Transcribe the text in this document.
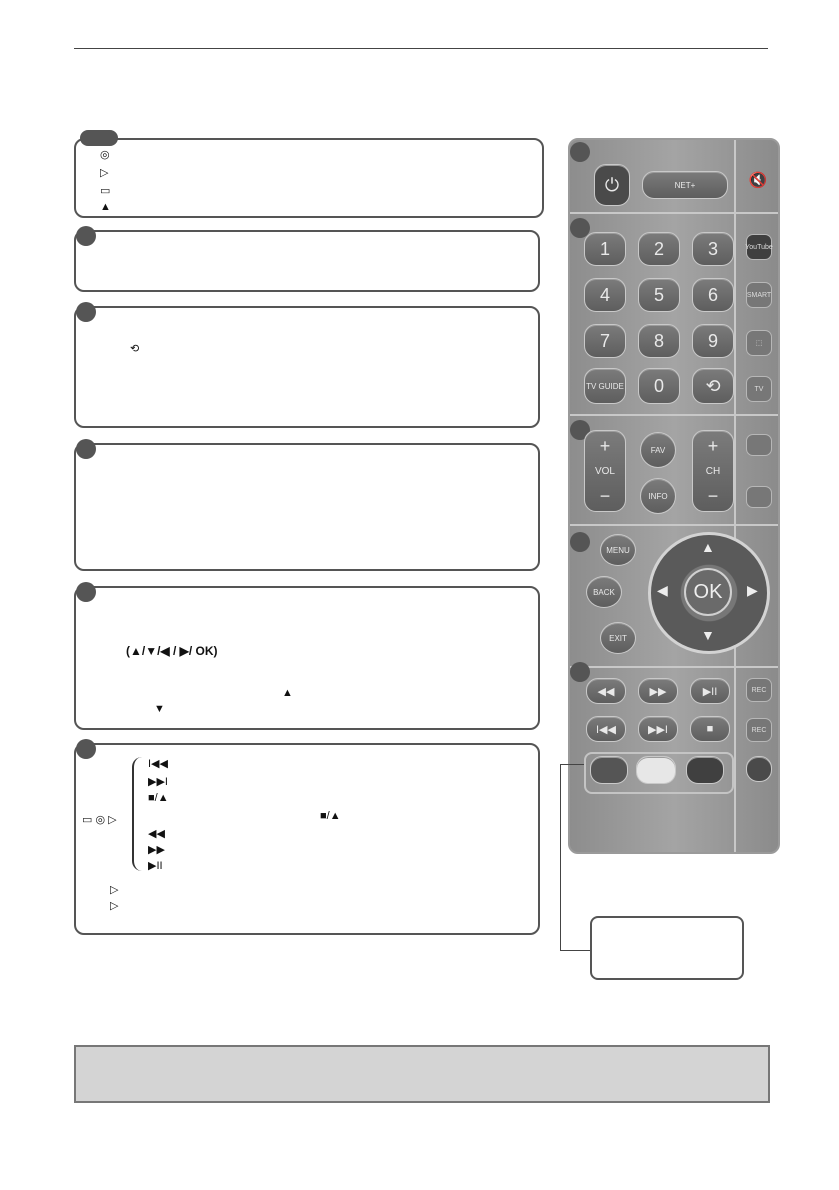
◎
▷
▭
▲
⟲
(▲/▼/◀ / ▶/ OK)
▲
▼
I◀◀
▶▶I
■/▲
■/▲
◀◀
▶▶
▶II
▭ ◎ ▷
▷
▷
⏻	NET+	🔇
1 2 3
4 5 6
7 8 9
TV GUIDE 0 ⟲
YouTube
SMART
⬚
TV
+
VOL
−
FAV
INFO
+
CH
−
MENU
BACK
EXIT
▲
▼
◀	▶
OK
◀◀	▶▶	▶II
I◀◀	▶▶I	■
REC
REC
